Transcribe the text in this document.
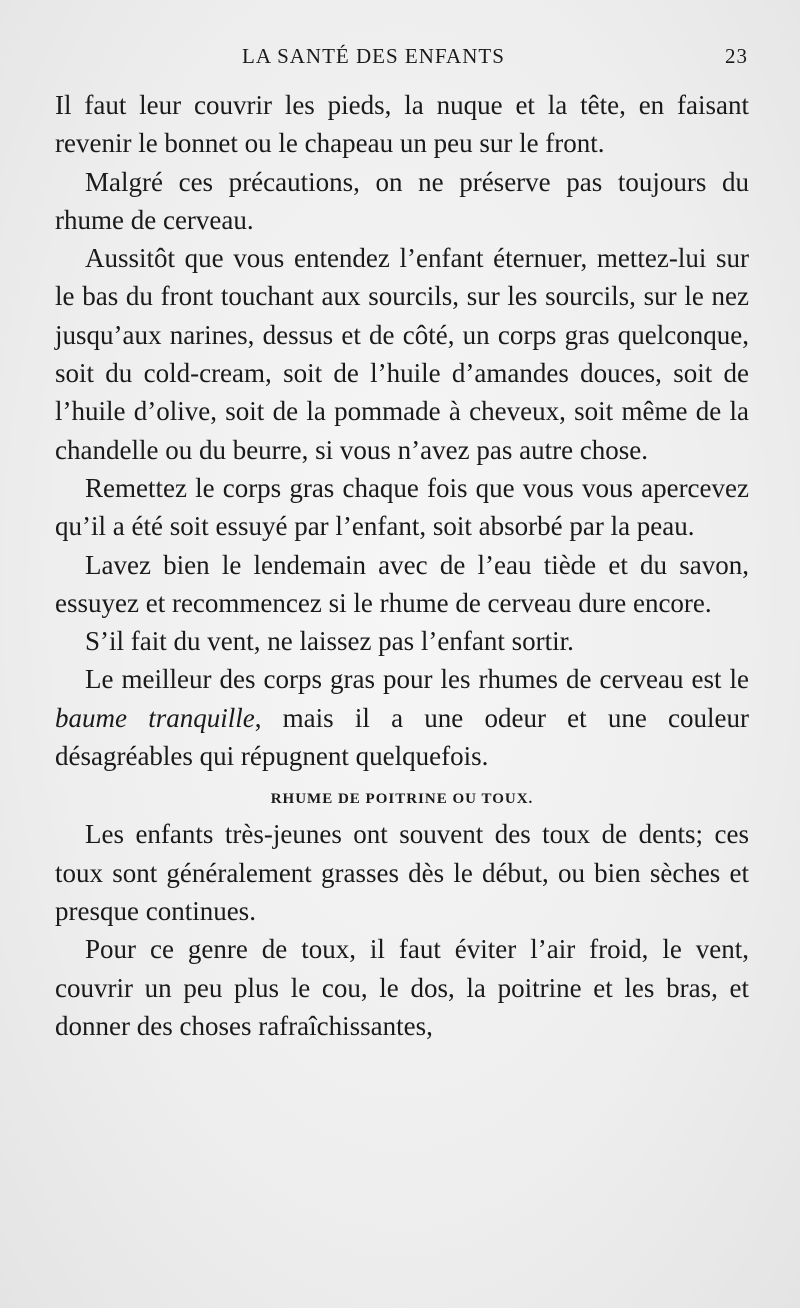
LA SANTÉ DES ENFANTS	23

Il faut leur couvrir les pieds, la nuque et la tête, en faisant revenir le bonnet ou le chapeau un peu sur le front.

Malgré ces précautions, on ne préserve pas toujours du rhume de cerveau.

Aussitôt que vous entendez l’enfant éternuer, mettez-lui sur le bas du front touchant aux sourcils, sur les sourcils, sur le nez jusqu’aux narines, dessus et de côté, un corps gras quelconque, soit du cold-cream, soit de l’huile d’amandes douces, soit de l’huile d’olive, soit de la pommade à cheveux, soit même de la chandelle ou du beurre, si vous n’avez pas autre chose.

Remettez le corps gras chaque fois que vous vous apercevez qu’il a été soit essuyé par l’enfant, soit absorbé par la peau.

Lavez bien le lendemain avec de l’eau tiède et du savon, essuyez et recommencez si le rhume de cerveau dure encore.

S’il fait du vent, ne laissez pas l’enfant sortir.

Le meilleur des corps gras pour les rhumes de cerveau est le baume tranquille, mais il a une odeur et une couleur désagréables qui répugnent quelquefois.

RHUME DE POITRINE OU TOUX.

Les enfants très-jeunes ont souvent des toux de dents; ces toux sont généralement grasses dès le début, ou bien sèches et presque continues.

Pour ce genre de toux, il faut éviter l’air froid, le vent, couvrir un peu plus le cou, le dos, la poitrine et les bras, et donner des choses rafraîchissantes,
